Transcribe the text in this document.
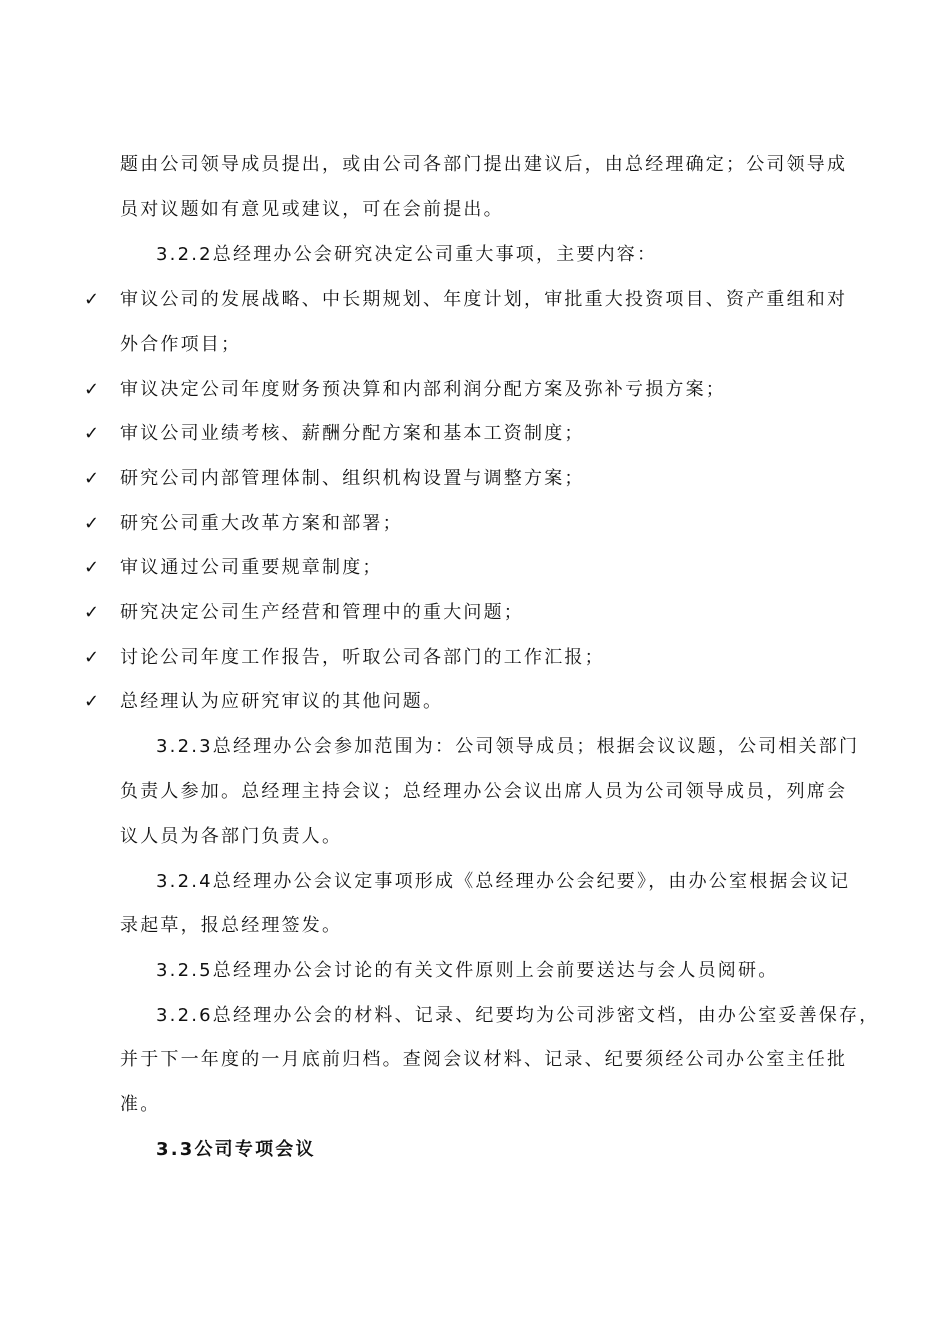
题由公司领导成员提出，或由公司各部门提出建议后，由总经理确定；公司领导成
员对议题如有意见或建议，可在会前提出。
3.2.2总经理办公会研究决定公司重大事项，主要内容：
✓ 审议公司的发展战略、中长期规划、年度计划，审批重大投资项目、资产重组和对
外合作项目；
✓ 审议决定公司年度财务预决算和内部利润分配方案及弥补亏损方案；
✓ 审议公司业绩考核、薪酬分配方案和基本工资制度；
✓ 研究公司内部管理体制、组织机构设置与调整方案；
✓ 研究公司重大改革方案和部署；
✓ 审议通过公司重要规章制度；
✓ 研究决定公司生产经营和管理中的重大问题；
✓ 讨论公司年度工作报告，听取公司各部门的工作汇报；
✓ 总经理认为应研究审议的其他问题。
3.2.3总经理办公会参加范围为：公司领导成员；根据会议议题，公司相关部门
负责人参加。总经理主持会议；总经理办公会议出席人员为公司领导成员，列席会
议人员为各部门负责人。
3.2.4总经理办公会议定事项形成《总经理办公会纪要》，由办公室根据会议记
录起草，报总经理签发。
3.2.5总经理办公会讨论的有关文件原则上会前要送达与会人员阅研。
3.2.6总经理办公会的材料、记录、纪要均为公司涉密文档，由办公室妥善保存，
并于下一年度的一月底前归档。查阅会议材料、记录、纪要须经公司办公室主任批
准。
3.3公司专项会议
